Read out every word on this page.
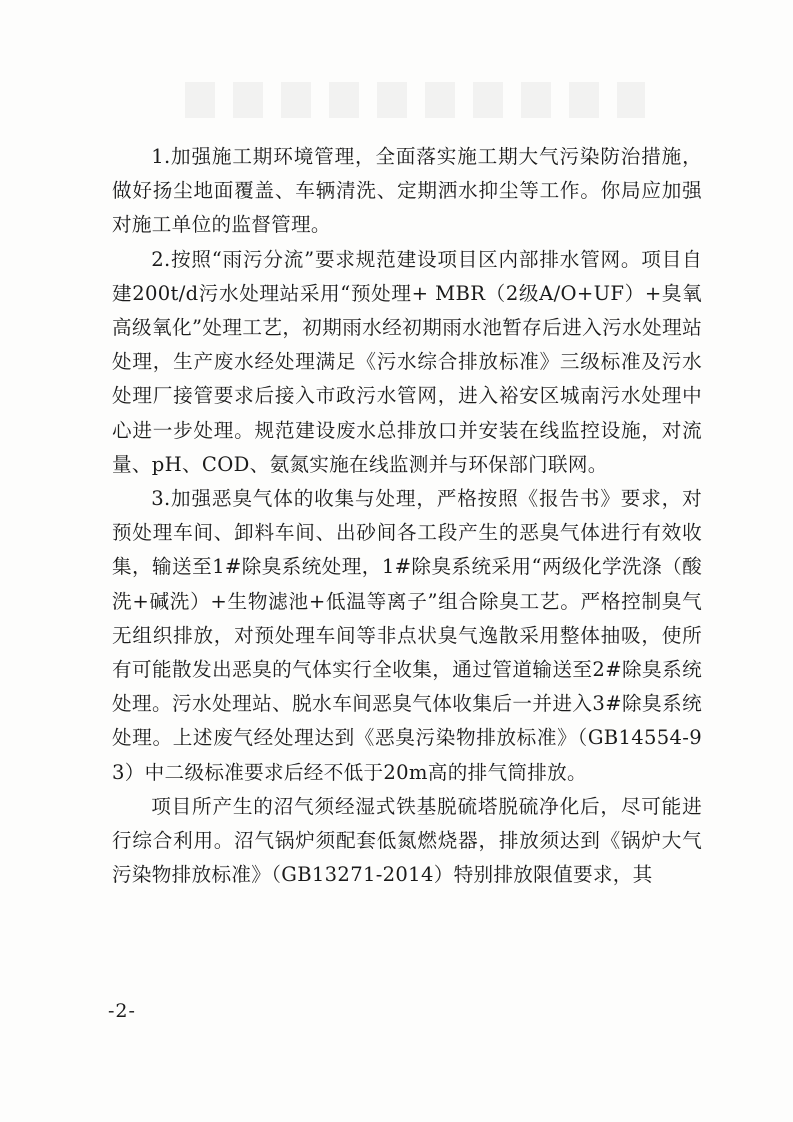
1.加强施工期环境管理，全面落实施工期大气污染防治措施，做好扬尘地面覆盖、车辆清洗、定期洒水抑尘等工作。你局应加强对施工单位的监督管理。

2.按照“雨污分流”要求规范建设项目区内部排水管网。项目自建200t/d污水处理站采用“预处理+ MBR（2级A/O+UF）+臭氧高级氧化”处理工艺，初期雨水经初期雨水池暂存后进入污水处理站处理，生产废水经处理满足《污水综合排放标准》三级标准及污水处理厂接管要求后接入市政污水管网，进入裕安区城南污水处理中心进一步处理。规范建设废水总排放口并安装在线监控设施，对流量、pH、COD、氨氮实施在线监测并与环保部门联网。

3.加强恶臭气体的收集与处理，严格按照《报告书》要求，对预处理车间、卸料车间、出砂间各工段产生的恶臭气体进行有效收集，输送至1#除臭系统处理，1#除臭系统采用“两级化学洗涤（酸洗+碱洗）+生物滤池+低温等离子”组合除臭工艺。严格控制臭气无组织排放，对预处理车间等非点状臭气逸散采用整体抽吸，使所有可能散发出恶臭的气体实行全收集，通过管道输送至2#除臭系统处理。污水处理站、脱水车间恶臭气体收集后一并进入3#除臭系统处理。上述废气经处理达到《恶臭污染物排放标准》（GB14554-93）中二级标准要求后经不低于20m高的排气筒排放。

项目所产生的沼气须经湿式铁基脱硫塔脱硫净化后，尽可能进行综合利用。沼气锅炉须配套低氮燃烧器，排放须达到《锅炉大气污染物排放标准》（GB13271-2014）特别排放限值要求，其

-2-
